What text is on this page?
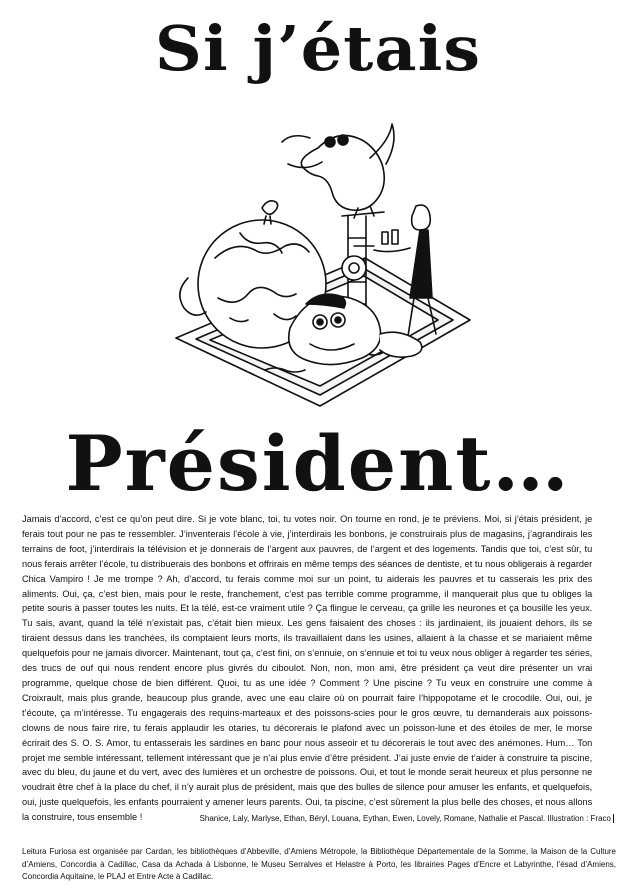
Si j’étais
Président…
Jamais d’accord, c’est ce qu’on peut dire. Si je vote blanc, toi, tu votes noir. On tourne en rond, je te préviens. Moi, si j’étais président, je ferais tout pour ne pas te ressembler. J’inventerais l’école à vie, j’interdirais les bonbons, je construirais plus de magasins, j’agrandirais les terrains de foot, j’interdirais la télévision et je donnerais de l’argent aux pauvres, de l’argent et des logements. Tandis que toi, c’est sûr, tu nous ferais arrêter l’école, tu distribuerais des bonbons et offrirais en même temps des séances de dentiste, et tu nous obligerais à regarder Chica Vampiro ! Je me trompe ? Ah, d’accord, tu ferais comme moi sur un point, tu aiderais les pauvres et tu casserais les prix des aliments. Oui, ça, c’est bien, mais pour le reste, franchement, c’est pas terrible comme programme, il manquerait plus que tu obliges la petite souris à passer toutes les nuits. Et la télé, est-ce vraiment utile ? Ça flingue le cerveau, ça grille les neurones et ça bousille les yeux. Tu sais, avant, quand la télé n’existait pas, c’était bien mieux. Les gens faisaient des choses : ils jardinaient, ils jouaient dehors, ils se tiraient dessus dans les tranchées, ils comptaient leurs morts, ils travaillaient dans les usines, allaient à la chasse et se mariaient même quelquefois pour ne jamais divorcer. Maintenant, tout ça, c’est fini, on s’ennuie, on s’ennuie et toi tu veux nous obliger à regarder tes séries, des trucs de ouf qui nous rendent encore plus givrés du ciboulot. Non, non, mon ami, être président ça veut dire présenter un vrai programme, quelque chose de bien différent. Quoi, tu as une idée ? Comment ? Une piscine ? Tu veux en construire une comme à Croixrault, mais plus grande, beaucoup plus grande, avec une eau claire où on pourrait faire l’hippopotame et le crocodile. Oui, oui, je t’écoute, ça m’intéresse. Tu engagerais des requins-marteaux et des poissons-scies pour le gros œuvre, tu demanderais aux poissons-clowns de nous faire rire, tu ferais applaudir les otaries, tu décorerais le plafond avec un poisson-lune et des étoiles de mer, le morse écrirait des S. O. S. Amor, tu entasserais les sardines en banc pour nous asseoir et tu décorerais le tout avec des anémones. Hum… Ton projet me semble intéressant, tellement intéressant que je n’ai plus envie d’être président. J’ai juste envie de t’aider à construire ta piscine, avec du bleu, du jaune et du vert, avec des lumières et un orchestre de poissons. Oui, et tout le monde serait heureux et plus personne ne voudrait être chef à la place du chef, il n’y aurait plus de président, mais que des bulles de silence pour amuser les enfants, et quelquefois, oui, juste quelquefois, les enfants pourraient y amener leurs parents. Oui, ta piscine, c’est sûrement la plus belle des choses, et nous allons la construire, tous ensemble !	Shanice, Laly, Marlyse, Ethan, Béryl, Louana, Eythan, Ewen, Lovely, Romane, Nathalie et Pascal. Illustration : Fraco
Leitura Furiosa est organisée par Cardan, les bibliothèques d’Abbeville, d’Amiens Métropole, la Bibliothèque Départementale de la Somme, la Maison de la Culture d’Amiens, Concordia à Cadillac, Casa da Achada à Lisbonne, le Museu Serralves et Helastre à Porto, les librairies Pages d’Encre et Labyrinthe, l’ésad d’Amiens, Concordia Aquitaine, le PLAJ et Entre Acte à Cadillac.
